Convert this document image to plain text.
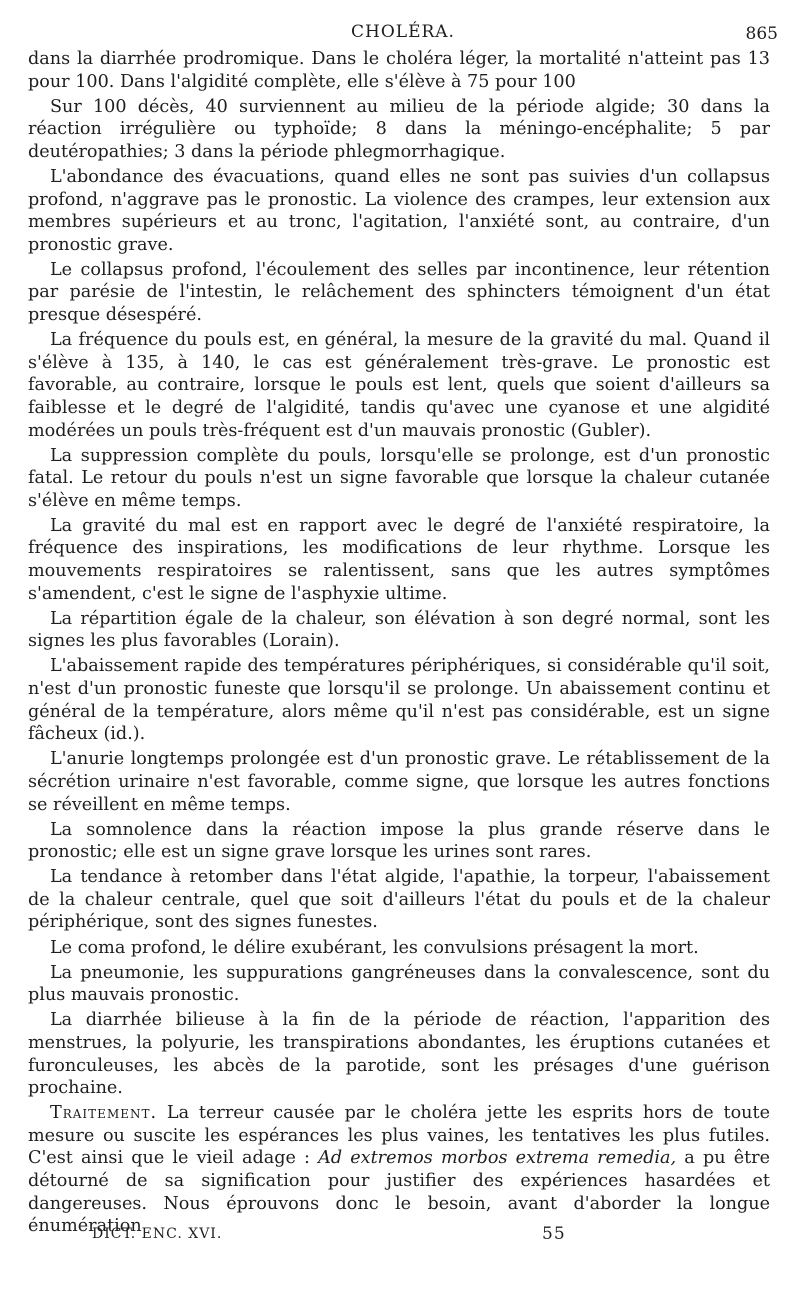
CHOLÉRA.	865

dans la diarrhée prodromique. Dans le choléra léger, la mortalité n'atteint pas 13 pour 100. Dans l'algidité complète, elle s'élève à 75 pour 100

Sur 100 décès, 40 surviennent au milieu de la période algide; 30 dans la réaction irrégulière ou typhoïde; 8 dans la méningo-encéphalite; 5 par deutéropathies; 3 dans la période phlegmorrhagique.

L'abondance des évacuations, quand elles ne sont pas suivies d'un collapsus profond, n'aggrave pas le pronostic. La violence des crampes, leur extension aux membres supérieurs et au tronc, l'agitation, l'anxiété sont, au contraire, d'un pronostic grave.

Le collapsus profond, l'écoulement des selles par incontinence, leur rétention par parésie de l'intestin, le relâchement des sphincters témoignent d'un état presque désespéré.

La fréquence du pouls est, en général, la mesure de la gravité du mal. Quand il s'élève à 135, à 140, le cas est généralement très-grave. Le pronostic est favorable, au contraire, lorsque le pouls est lent, quels que soient d'ailleurs sa faiblesse et le degré de l'algidité, tandis qu'avec une cyanose et une algidité modérées un pouls très-fréquent est d'un mauvais pronostic (Gubler).

La suppression complète du pouls, lorsqu'elle se prolonge, est d'un pronostic fatal. Le retour du pouls n'est un signe favorable que lorsque la chaleur cutanée s'élève en même temps.

La gravité du mal est en rapport avec le degré de l'anxiété respiratoire, la fréquence des inspirations, les modifications de leur rhythme. Lorsque les mouvements respiratoires se ralentissent, sans que les autres symptômes s'amendent, c'est le signe de l'asphyxie ultime.

La répartition égale de la chaleur, son élévation à son degré normal, sont les signes les plus favorables (Lorain).

L'abaissement rapide des températures périphériques, si considérable qu'il soit, n'est d'un pronostic funeste que lorsqu'il se prolonge. Un abaissement continu et général de la température, alors même qu'il n'est pas considérable, est un signe fâcheux (id.).

L'anurie longtemps prolongée est d'un pronostic grave. Le rétablissement de la sécrétion urinaire n'est favorable, comme signe, que lorsque les autres fonctions se réveillent en même temps.

La somnolence dans la réaction impose la plus grande réserve dans le pronostic; elle est un signe grave lorsque les urines sont rares.

La tendance à retomber dans l'état algide, l'apathie, la torpeur, l'abaissement de la chaleur centrale, quel que soit d'ailleurs l'état du pouls et de la chaleur périphérique, sont des signes funestes.

Le coma profond, le délire exubérant, les convulsions présagent la mort.

La pneumonie, les suppurations gangréneuses dans la convalescence, sont du plus mauvais pronostic.

La diarrhée bilieuse à la fin de la période de réaction, l'apparition des menstrues, la polyurie, les transpirations abondantes, les éruptions cutanées et furonculeuses, les abcès de la parotide, sont les présages d'une guérison prochaine.

Traitement. La terreur causée par le choléra jette les esprits hors de toute mesure ou suscite les espérances les plus vaines, les tentatives les plus futiles. C'est ainsi que le vieil adage : Ad extremos morbos extrema remedia, a pu être détourné de sa signification pour justifier des expériences hasardées et dangereuses. Nous éprouvons donc le besoin, avant d'aborder la longue énumération

DICT. ENC. XVI.	55
